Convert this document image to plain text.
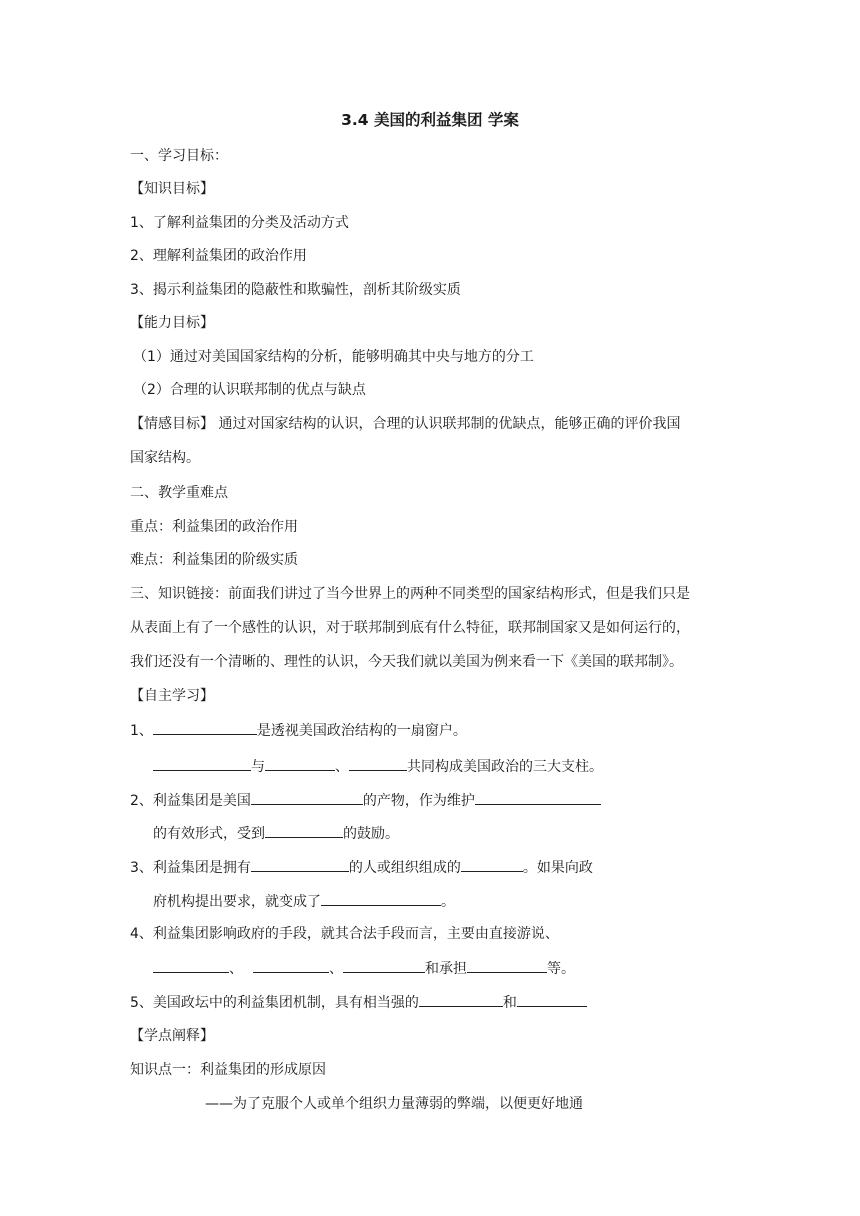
3.4 美国的利益集团 学案
一、学习目标：
【知识目标】
1、了解利益集团的分类及活动方式
2、理解利益集团的政治作用
3、揭示利益集团的隐蔽性和欺骗性，剖析其阶级实质
【能力目标】
（1）通过对美国国家结构的分析，能够明确其中央与地方的分工
（2）合理的认识联邦制的优点与缺点
【情感目标】 通过对国家结构的认识，合理的认识联邦制的优缺点，能够正确的评价我国
国家结构。
二、教学重难点
重点：利益集团的政治作用
难点：利益集团的阶级实质
三、知识链接：前面我们讲过了当今世界上的两种不同类型的国家结构形式，但是我们只是
从表面上有了一个感性的认识，对于联邦制到底有什么特征，联邦制国家又是如何运行的，
我们还没有一个清晰的、理性的认识，今天我们就以美国为例来看一下《美国的联邦制》。
【自主学习】
1、	是透视美国政治结构的一扇窗户。
与	、	共同构成美国政治的三大支柱。
2、利益集团是美国	的产物，作为维护
的有效形式，受到	的鼓励。
3、利益集团是拥有	的人或组织组成的	。如果向政
府机构提出要求，就变成了	。
4、利益集团影响政府的手段，就其合法手段而言，主要由直接游说、
、	、	和承担	等。
5、美国政坛中的利益集团机制，具有相当强的	和
【学点阐释】
知识点一：利益集团的形成原因
——为了克服个人或单个组织力量薄弱的弊端，以便更好地通
